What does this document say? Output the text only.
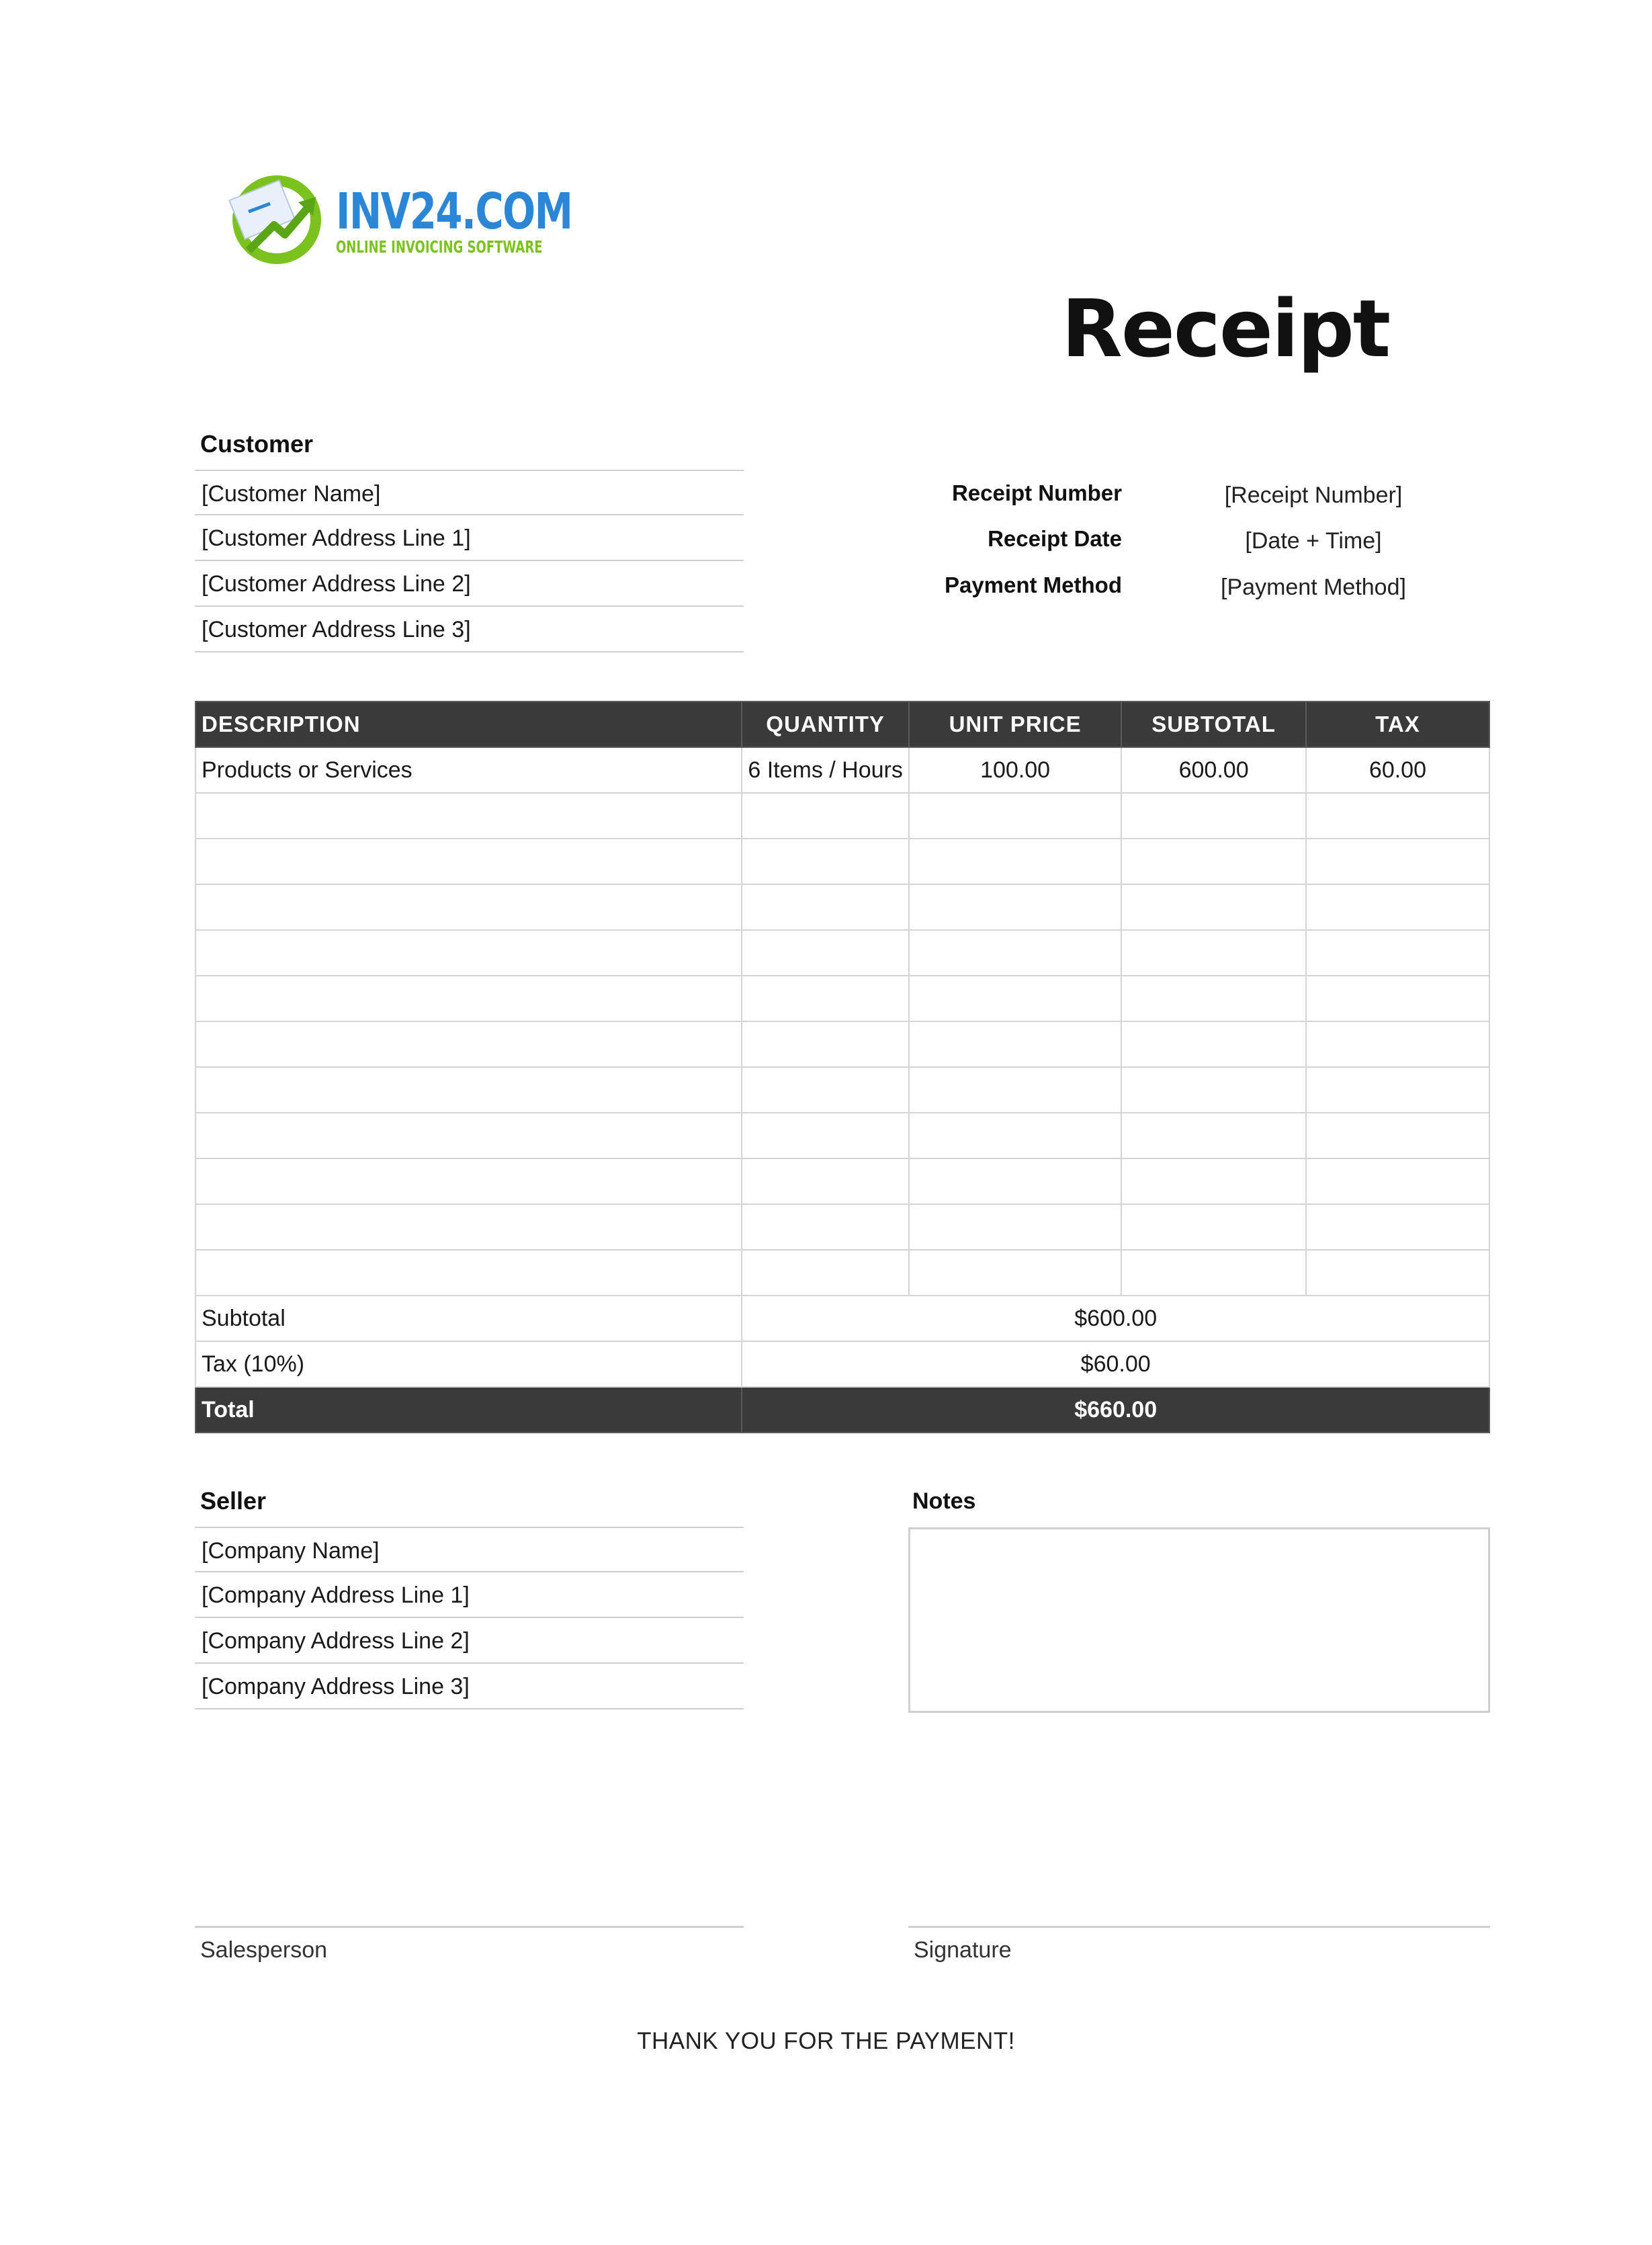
INV24.COM
ONLINE INVOICING SOFTWARE
Receipt
Customer
[Customer Name]
[Customer Address Line 1]
[Customer Address Line 2]
[Customer Address Line 3]
Receipt Number	[Receipt Number]
Receipt Date	[Date + Time]
Payment Method	[Payment Method]
DESCRIPTION	QUANTITY	UNIT PRICE	SUBTOTAL	TAX
Products or Services	6 Items / Hours	100.00	600.00	60.00

Subtotal	$600.00			
Tax (10%)	$60.00			
Total	$660.00			
Seller
[Company Name]
[Company Address Line 1]
[Company Address Line 2]
[Company Address Line 3]
Notes
Salesperson	Signature
THANK YOU FOR THE PAYMENT!
